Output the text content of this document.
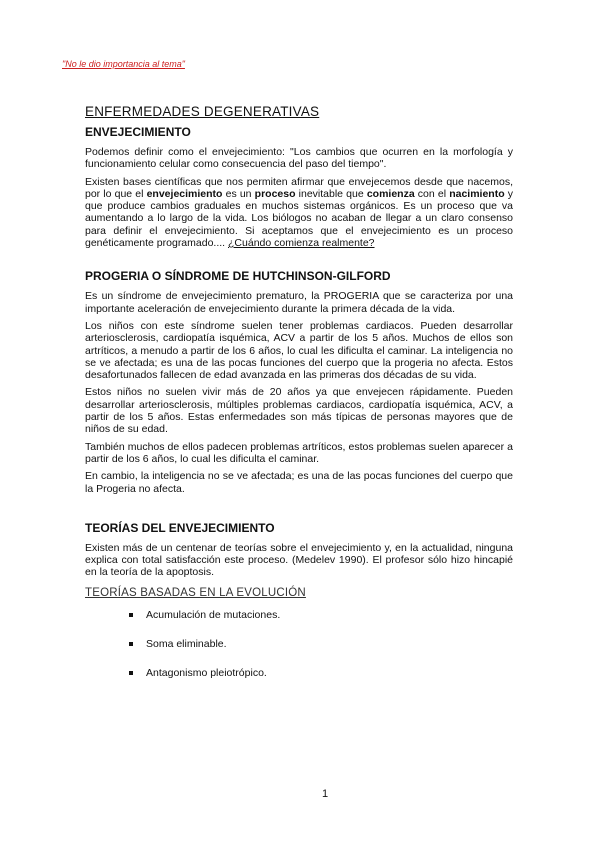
"No le dio importancia al tema"
ENFERMEDADES DEGENERATIVAS
ENVEJECIMIENTO

Podemos definir como el envejecimiento: "Los cambios que ocurren en la morfología y funcionamiento celular como consecuencia del paso del tiempo".

Existen bases científicas que nos permiten afirmar que envejecemos desde que nacemos, por lo que el envejecimiento es un proceso inevitable que comienza con el nacimiento y que produce cambios graduales en muchos sistemas orgánicos. Es un proceso que va aumentando a lo largo de la vida. Los biólogos no acaban de llegar a un claro consenso para definir el envejecimiento. Si aceptamos que el envejecimiento es un proceso genéticamente programado.... ¿Cuándo comienza realmente?

PROGERIA O SÍNDROME DE HUTCHINSON-GILFORD

Es un síndrome de envejecimiento prematuro, la PROGERIA que se caracteriza por una importante aceleración de envejecimiento durante la primera década de la vida.

Los niños con este síndrome suelen tener problemas cardiacos. Pueden desarrollar arteriosclerosis, cardiopatía isquémica, ACV a partir de los 5 años. Muchos de ellos son artríticos, a menudo a partir de los 6 años, lo cual les dificulta el caminar. La inteligencia no se ve afectada; es una de las pocas funciones del cuerpo que la progeria no afecta. Estos desafortunados fallecen de edad avanzada en las primeras dos décadas de su vida.

Estos niños no suelen vivir más de 20 años ya que envejecen rápidamente. Pueden desarrollar arteriosclerosis, múltiples problemas cardiacos, cardiopatía isquémica, ACV, a partir de los 5 años. Estas enfermedades son más típicas de personas mayores que de niños de su edad.

También muchos de ellos padecen problemas artríticos, estos problemas suelen aparecer a partir de los 6 años, lo cual les dificulta el caminar.

En cambio, la inteligencia no se ve afectada; es una de las pocas funciones del cuerpo que la Progeria no afecta.

TEORÍAS DEL ENVEJECIMIENTO

Existen más de un centenar de teorías sobre el envejecimiento y, en la actualidad, ninguna explica con total satisfacción este proceso. (Medelev 1990). El profesor sólo hizo hincapié en la teoría de la apoptosis.

TEORÍAS BASADAS EN LA EVOLUCIÓN
Acumulación de mutaciones.
Soma eliminable.
Antagonismo pleiotrópico.
1
